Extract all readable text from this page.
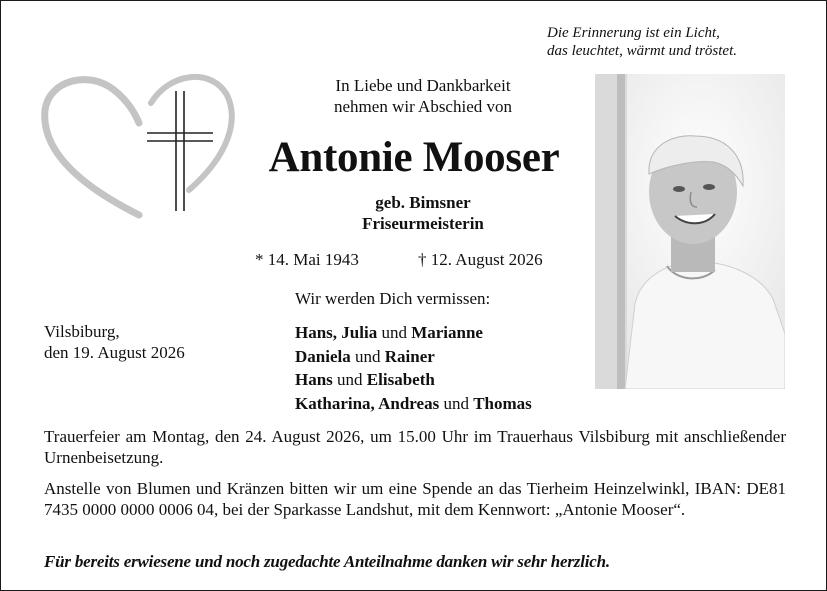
Die Erinnerung ist ein Licht,
das leuchtet, wärmt und tröstet.
In Liebe und Dankbarkeit
nehmen wir Abschied von
Antonie Mooser
geb. Bimsner
Friseurmeisterin
* 14. Mai 1943	† 12. August 2026
Wir werden Dich vermissen:
Vilsbiburg,
den 19. August 2026
Hans, Julia und Marianne
Daniela und Rainer
Hans und Elisabeth
Katharina, Andreas und Thomas
Trauerfeier am Montag, den 24. August 2026, um 15.00 Uhr im Trauerhaus Vilsbiburg mit anschließender Urnenbeisetzung.
Anstelle von Blumen und Kränzen bitten wir um eine Spende an das Tierheim Heinzelwinkl, IBAN: DE81 7435 0000 0000 0006 04, bei der Sparkasse Landshut, mit dem Kennwort: „Antonie Mooser“.
Für bereits erwiesene und noch zugedachte Anteilnahme danken wir sehr herzlich.
